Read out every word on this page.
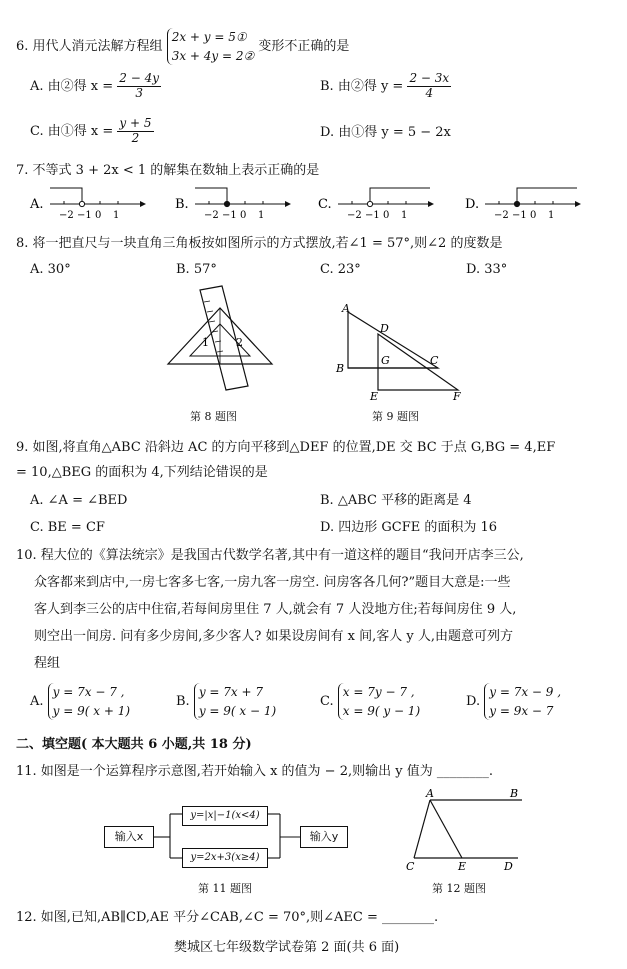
6. 用代人消元法解方程组 2x + y = 5①
3x + 4y = 2② 变形不正确的是
A. 由②得 $x = \frac{2 - 4y}{3}$	B. 由②得 $y = \frac{2 - 3x}{4}$
C. 由①得 $x = \frac{y + 5}{2}$	D. 由①得 y = 5 − 2x
7. 不等式 3 + 2x < 1 的解集在数轴上表示正确的是
A.
−2 −1 0 1
B.
−2 −1 0 1
C.
−2 −1 0 1
D.
−2 −1 0 1
8. 将一把直尺与一块直角三角板按如图所示的方式摆放,若∠1 = 57°,则∠2 的度数是
A. 30°	B. 57°	C. 23°	D. 33°
1 2
第 8 题图
A
D
G	C
B
E	F
第 9 题图
9. 如图,将直角△ABC 沿斜边 AC 的方向平移到△DEF 的位置,DE 交 BC 于点 G,BG = 4,EF
= 10,△BEG 的面积为 4,下列结论错误的是
A. ∠A = ∠BED	B. △ABC 平移的距离是 4
C. BE = CF	D. 四边形 GCFE 的面积为 16
10. 程大位的《算法统宗》是我国古代数学名著,其中有一道这样的题目“我问开店李三公,
众客都来到店中,一房七客多七客,一房九客一房空. 问房客各几何?”题目大意是:一些
客人到李三公的店中住宿,若每间房里住 7 人,就会有 7 人没地方住;若每间房住 9 人,
则空出一间房. 问有多少房间,多少客人? 如果设房间有 x 间,客人 y 人,由题意可列方
程组
A. y = 7x − 7 ,
y = 9( x + 1)
B. y = 7x + 7
y = 9( x − 1)
C. x = 7y − 7 ,
x = 9( y − 1)
D. y = 7x − 9 ,
y = 9x − 7
二、填空题( 本大题共 6 小题,共 18 分)
11. 如图是一个运算程序示意图,若开始输入 x 的值为 − 2,则输出 y 值为 ________.
输入x
y=|x|−1(x<4)
y=2x+3(x≥4)
输入y
第 11 题图
A	B
C	E	D
第 12 题图
12. 如图,已知,AB∥CD,AE 平分∠CAB,∠C = 70°,则∠AEC = ________.
樊城区七年级数学试卷第 2 面(共 6 面)
